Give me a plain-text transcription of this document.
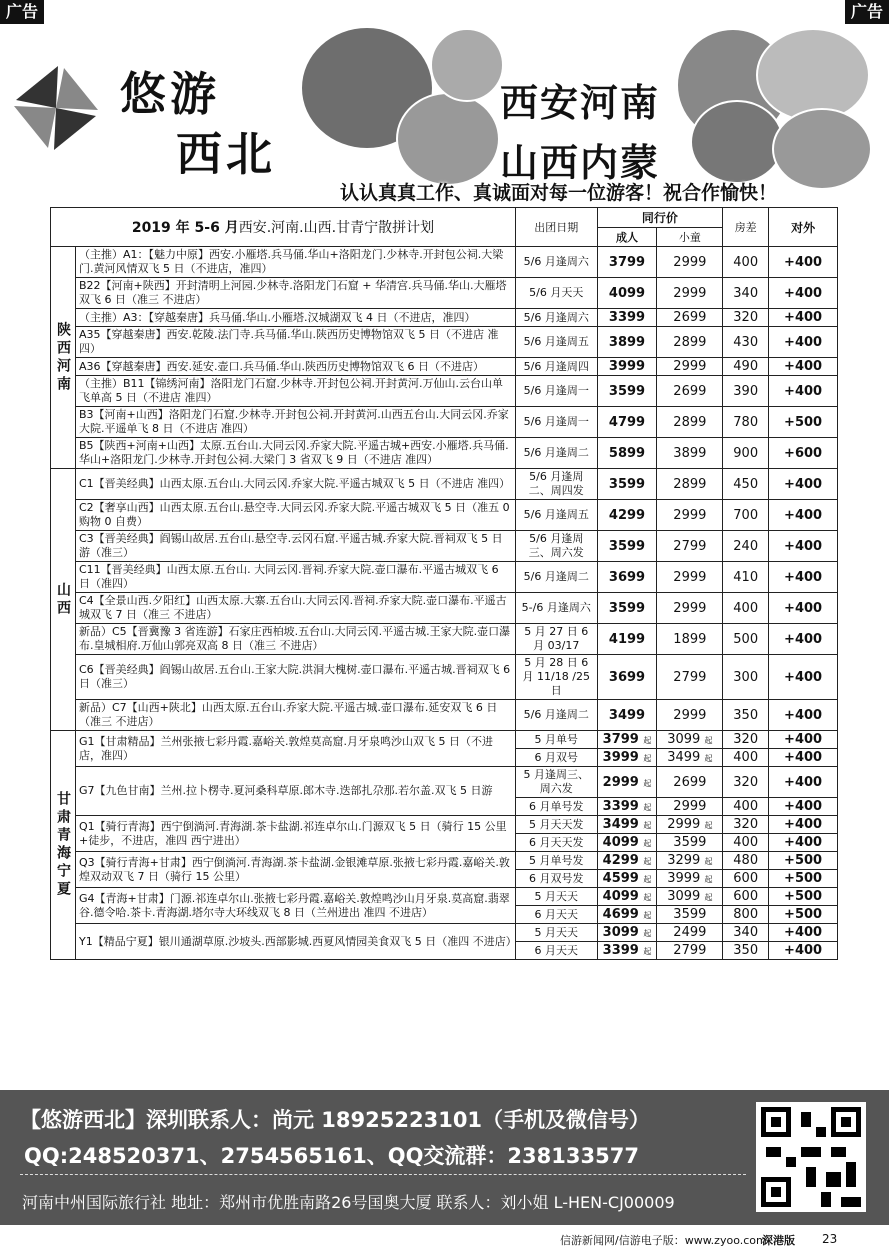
广告	广告
悠游
西北
西安河南
山西内蒙
认认真真工作、真诚面对每一位游客！祝合作愉快！
2019 年 5-6 月西安.河南.山西.甘青宁散拼计划		出团日期	同行价		房差	对外
			成人	小童		
陕西河南	（主推）A1：【魅力中原】西安.小雁塔.兵马俑.华山+洛阳龙门.少林寺.开封包公祠.大梁门.黄河风情双飞 5 日（不进店，准四）	5/6 月逢周六	3799	2999	400	+400
	B22【河南+陕西】开封清明上河园.少林寺.洛阳龙门石窟 + 华清宫.兵马俑.华山.大雁塔双飞 6 日（准三 不进店）	5/6 月天天	4099	2999	340	+400
	（主推）A3：【穿越秦唐】兵马俑.华山.小雁塔.汉城湖双飞 4 日（不进店，准四）	5/6 月逢周六	3399	2699	320	+400
	A35【穿越秦唐】西安.乾陵.法门寺.兵马俑.华山.陕西历史博物馆双飞 5 日（不进店 准四）	5/6 月逢周五	3899	2899	430	+400
	A36【穿越秦唐】西安.延安.壶口.兵马俑.华山.陕西历史博物馆双飞 6 日（不进店）	5/6 月逢周四	3999	2999	490	+400
	（主推）B11【锦绣河南】洛阳龙门石窟.少林寺.开封包公祠.开封黄河.万仙山.云台山单飞单高 5 日（不进店 准四）	5/6 月逢周一	3599	2699	390	+400
	B3【河南+山西】洛阳龙门石窟.少林寺.开封包公祠.开封黄河.山西五台山.大同云冈.乔家大院.平遥单飞 8 日（不进店 准四）	5/6 月逢周一	4799	2899	780	+500
	B5【陕西+河南+山西】太原.五台山.大同云冈.乔家大院.平遥古城+西安.小雁塔.兵马俑.华山+洛阳龙门.少林寺.开封包公祠.大梁门 3 省双飞 9 日（不进店 准四）	5/6 月逢周二	5899	3899	900	+600
山西	C1【晋美经典】山西太原.五台山.大同云冈.乔家大院.平遥古城双飞 5 日（不进店 准四）	5/6 月逢周二、周四发	3599	2899	450	+400
	C2【奢享山西】山西太原.五台山.悬空寺.大同云冈.乔家大院.平遥古城双飞 5 日（准五 0 购物 0 自费）	5/6 月逢周五	4299	2999	700	+400
	C3【晋美经典】阎锡山故居.五台山.悬空寺.云冈石窟.平遥古城.乔家大院.晋祠双飞 5 日游（准三）	5/6 月逢周三、周六发	3599	2799	240	+400
	C11【晋美经典】山西太原.五台山. 大同云冈.晋祠.乔家大院.壶口瀑布.平遥古城双飞 6 日（准四）	5/6 月逢周二	3699	2999	410	+400
	C4【全景山西.夕阳红】山西太原.大寨.五台山.大同云冈.晋祠.乔家大院.壶口瀑布.平遥古城双飞 7 日（准三 不进店）	5-/6 月逢周六	3599	2999	400	+400
	新品）C5【晋冀豫 3 省连游】石家庄西柏坡.五台山.大同云冈.平遥古城.王家大院.壶口瀑布.皇城相府.万仙山郭亮双高 8 日（准三 不进店）	5 月 27 日 6 月 03/17	4199	1899	500	+400
	C6【晋美经典】阎锡山故居.五台山.王家大院.洪洞大槐树.壶口瀑布.平遥古城.晋祠双飞 6 日（准三）	5 月 28 日 6 月 11/18 /25 日	3699	2799	300	+400
	新品）C7【山西+陕北】山西太原.五台山.乔家大院.平遥古城.壶口瀑布.延安双飞 6 日（准三 不进店）	5/6 月逢周二	3499	2999	350	+400
甘肃青海宁夏	G1【甘肃精品】兰州张掖七彩丹霞.嘉峪关.敦煌莫高窟.月牙泉鸣沙山双飞 5 日（不进店，准四）	5 月单号	3799 起	3099 起	320	+400
		6 月双号	3999 起	3499 起	400	+400
	G7【九色甘南】兰州.拉卜楞寺.夏河桑科草原.郎木寺.迭部扎尕那.若尔盖.双飞 5 日游	5 月逢周三、周六发	2999 起	2699	320	+400
		6 月单号发	3399 起	2999	400	+400
	Q1【骑行青海】西宁倒淌河.青海湖.茶卡盐湖.祁连卓尔山.门源双飞 5 日（骑行 15 公里+徒步，不进店，准四 西宁进出）	5 月天天发	3499 起	2999 起	320	+400
		6 月天天发	4099 起	3599	400	+400
	Q3【骑行青海+甘肃】西宁倒淌河.青海湖.茶卡盐湖.金银滩草原.张掖七彩丹霞.嘉峪关.敦煌双动双飞 7 日（骑行 15 公里）	5 月单号发	4299 起	3299 起	480	+500
		6 月双号发	4599 起	3999 起	600	+500
	G4【青海+甘肃】门源.祁连卓尔山.张掖七彩丹霞.嘉峪关.敦煌鸣沙山月牙泉.莫高窟.翡翠谷.德令哈.茶卡.青海湖.塔尔寺大环线双飞 8 日（兰州进出 准四 不进店）	5 月天天	4099 起	3099 起	600	+500
		6 月天天	4699 起	3599	800	+500
	Y1【精品宁夏】银川通湖草原.沙坡头.西部影城.西夏风情园美食双飞 5 日（准四 不进店）	5 月天天	3099 起	2499	340	+400
		6 月天天	3399 起	2799	350	+400
【悠游西北】深圳联系人：尚元 18925223101（手机及微信号）
QQ:248520371、2754565161、QQ交流群：238133577
河南中州国际旅行社 地址：郑州市优胜南路26号国奥大厦 联系人：刘小姐 L-HEN-CJ00009
信游新闻网/信游电子版：www.zyoo.com
深港版 23
